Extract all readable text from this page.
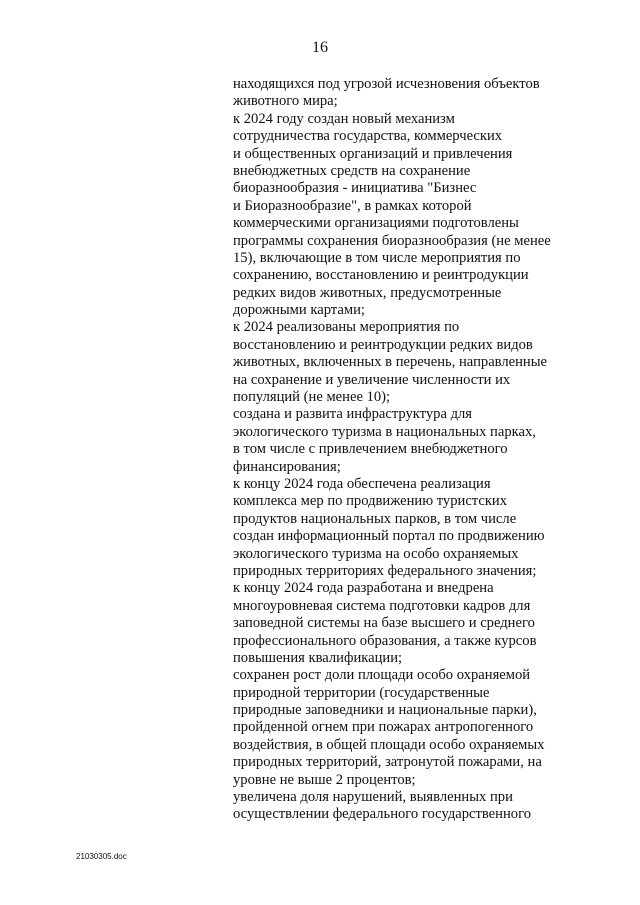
16
находящихся под угрозой исчезновения объектов
животного мира;
к 2024 году создан новый механизм
сотрудничества государства, коммерческих
и общественных организаций и привлечения
внебюджетных средств на сохранение
биоразнообразия - инициатива "Бизнес
и Биоразнообразие", в рамках которой
коммерческими организациями подготовлены
программы сохранения биоразнообразия (не менее
15), включающие в том числе мероприятия по
сохранению, восстановлению и реинтродукции
редких видов животных, предусмотренные
дорожными картами;
к 2024 реализованы мероприятия по
восстановлению и реинтродукции редких видов
животных, включенных в перечень, направленные
на сохранение и увеличение численности их
популяций (не менее 10);
создана и развита инфраструктура для
экологического туризма в национальных парках,
в том числе с привлечением внебюджетного
финансирования;
к концу 2024 года обеспечена реализация
комплекса мер по продвижению туристских
продуктов национальных парков, в том числе
создан информационный портал по продвижению
экологического туризма на особо охраняемых
природных территориях федерального значения;
к концу 2024 года разработана и внедрена
многоуровневая система подготовки кадров для
заповедной системы на базе высшего и среднего
профессионального образования, а также курсов
повышения квалификации;
сохранен рост доли площади особо охраняемой
природной территории (государственные
природные заповедники и национальные парки),
пройденной огнем при пожарах антропогенного
воздействия, в общей площади особо охраняемых
природных территорий, затронутой пожарами, на
уровне не выше 2 процентов;
увеличена доля нарушений, выявленных при
осуществлении федерального государственного
21030305.doc
